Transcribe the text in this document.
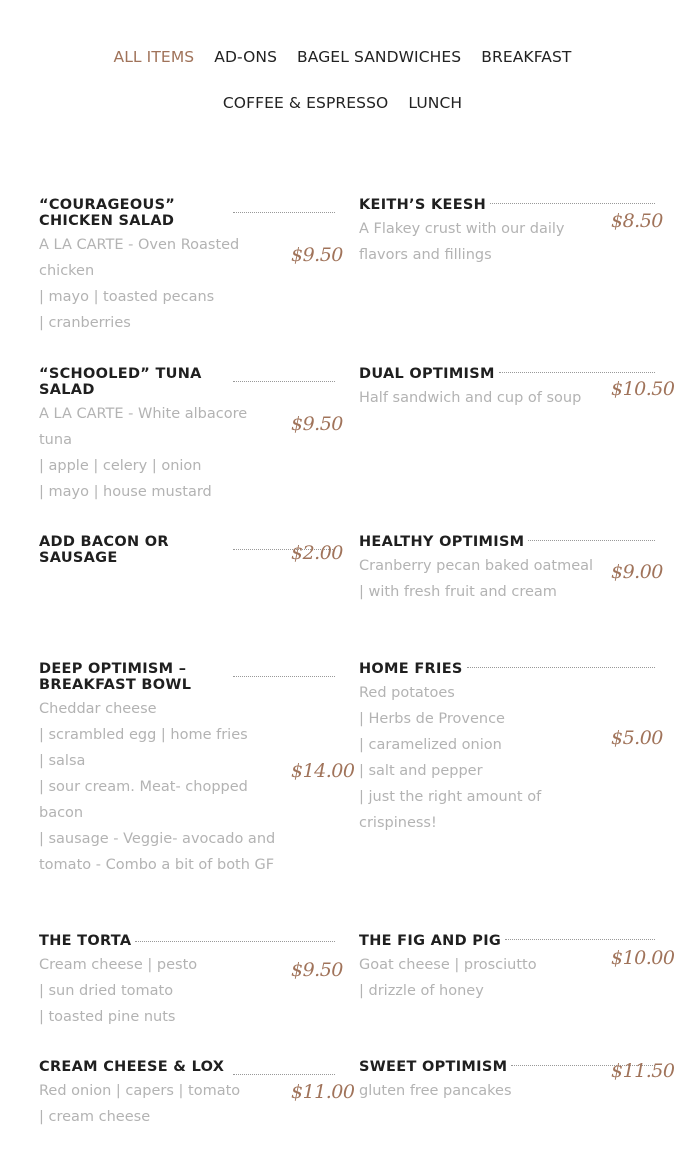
ALL ITEMS AD-ONS BAGEL SANDWICHES BREAKFAST
COFFEE & ESPRESSO LUNCH
“COURAGEOUS” CHICKEN SALAD
A LA CARTE - Oven Roasted chicken
| mayo | toasted pecans
| cranberries
$9.50
“SCHOOLED” TUNA SALAD
A LA CARTE - White albacore tuna
| apple | celery | onion
| mayo | house mustard
$9.50
ADD BACON OR SAUSAGE	$2.00
DEEP OPTIMISM – BREAKFAST BOWL
Cheddar cheese
| scrambled egg | home fries
| salsa
| sour cream. Meat- chopped bacon
| sausage - Veggie- avocado and tomato - Combo a bit of both GF
$14.00
THE TORTA
Cream cheese | pesto
| sun dried tomato
| toasted pine nuts
$9.50
CREAM CHEESE & LOX
Red onion | capers | tomato
| cream cheese
$11.00
KEITH’S KEESH
A Flakey crust with our daily flavors and fillings
$8.50
DUAL OPTIMISM
Half sandwich and cup of soup	$10.50
HEALTHY OPTIMISM
Cranberry pecan baked oatmeal
| with fresh fruit and cream
$9.00
HOME FRIES
Red potatoes
| Herbs de Provence
| caramelized onion
| salt and pepper
| just the right amount of crispiness!
$5.00
THE FIG AND PIG
Goat cheese | prosciutto
| drizzle of honey
$10.00
SWEET OPTIMISM
gluten free pancakes
$11.50
